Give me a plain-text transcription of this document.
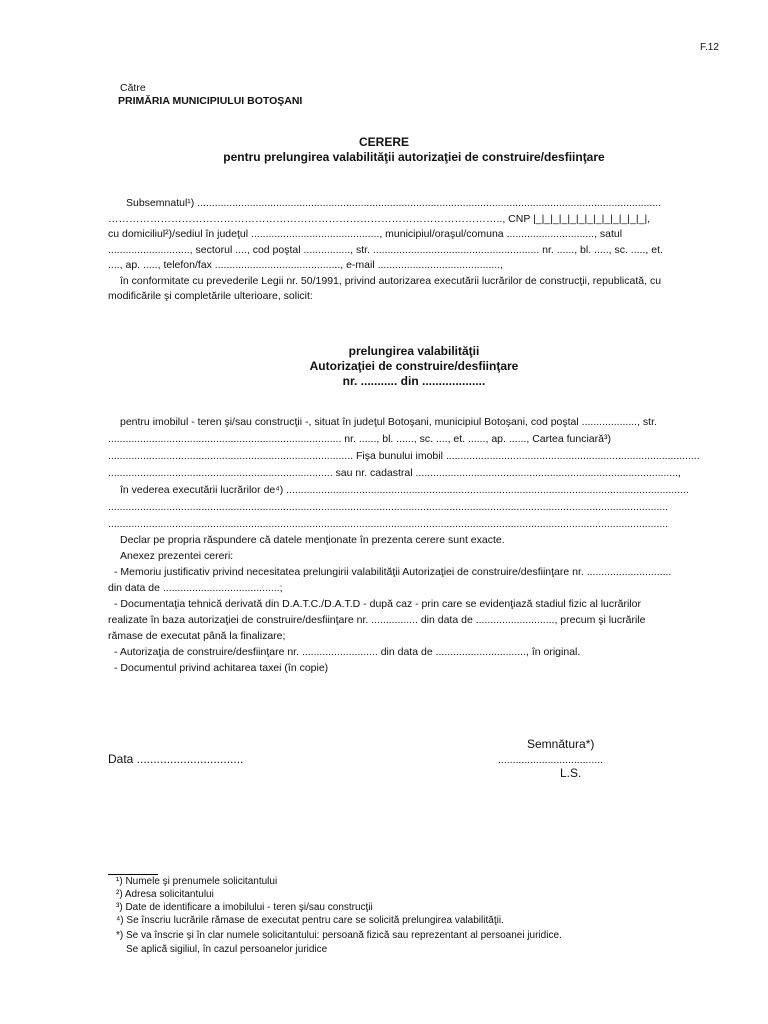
F.12
Către
PRIMĂRIA MUNICIPIULUI BOTOŞANI
CERERE
pentru prelungirea valabilităţii autorizaţiei de construire/desfiinţare
Subsemnatul¹) ...............................................................................................................................................................
………………………………………………………………………………………………….., CNP |_|_|_|_|_|_|_|_|_|_|_|_|_|,
cu domiciliul²)/sediul în judeţul ............................................, municipiul/oraşul/comuna .............................., satul
............................, sectorul ...., cod poştal ................, str. ......................................................... nr. ......, bl. ....., sc. ....., et.
...., ap. ....., telefon/fax ..........................................., e-mail ..........................................,
în conformitate cu prevederile Legii nr. 50/1991, privind autorizarea executării lucrărilor de construcţii, republicată, cu
modificările şi completările ulterioare, solicit:
prelungirea valabilităţii
Autorizaţiei de construire/desfiinţare
nr. ........... din ...................
pentru imobilul - teren şi/sau construcţii -, situat în judeţul Botoşani, municipiul Botoşani, cod poştal ..................., str.
................................................................................ nr. ......, bl. ......, sc. ...., et. ......, ap. ......, Cartea funciară³)
.................................................................................... Fişa bunului imobil .......................................................................................
............................................................................. sau nr. cadastral ..........................................................................................,
în vederea executării lucrărilor de⁴) ..........................................................................................................................................
................................................................................................................................................................................................
................................................................................................................................................................................................
Declar pe propria răspundere că datele menţionate în prezenta cerere sunt exacte.
Anexez prezentei cereri:
- Memoriu justificativ privind necesitatea prelungirii valabilităţii Autorizaţiei de construire/desfiinţare nr. .............................
din data de ........................................;
- Documentaţia tehnică derivată din D.A.T.C./D.A.T.D - după caz - prin care se evidenţiază stadiul fizic al lucrărilor
realizate în baza autorizaţiei de construire/desfiinţare nr. ................ din data de ..........................., precum şi lucrările
rămase de executat până la finalizare;
- Autorizaţia de construire/desfiinţare nr. .......................... din data de ..............................., în original.
- Documentul privind achitarea taxei (în copie)
Semnătura*)
Data ................................	....................................
L.S.
¹) Numele şi prenumele solicitantului
²) Adresa solicitantului
³) Date de identificare a imobilului - teren şi/sau construcţii
⁴) Se înscriu lucrările rămase de executat pentru care se solicită prelungirea valabilităţii.
*) Se va înscrie şi în clar numele solicitantului: persoană fizică sau reprezentant al persoanei juridice.
Se aplică sigiliul, în cazul persoanelor juridice
